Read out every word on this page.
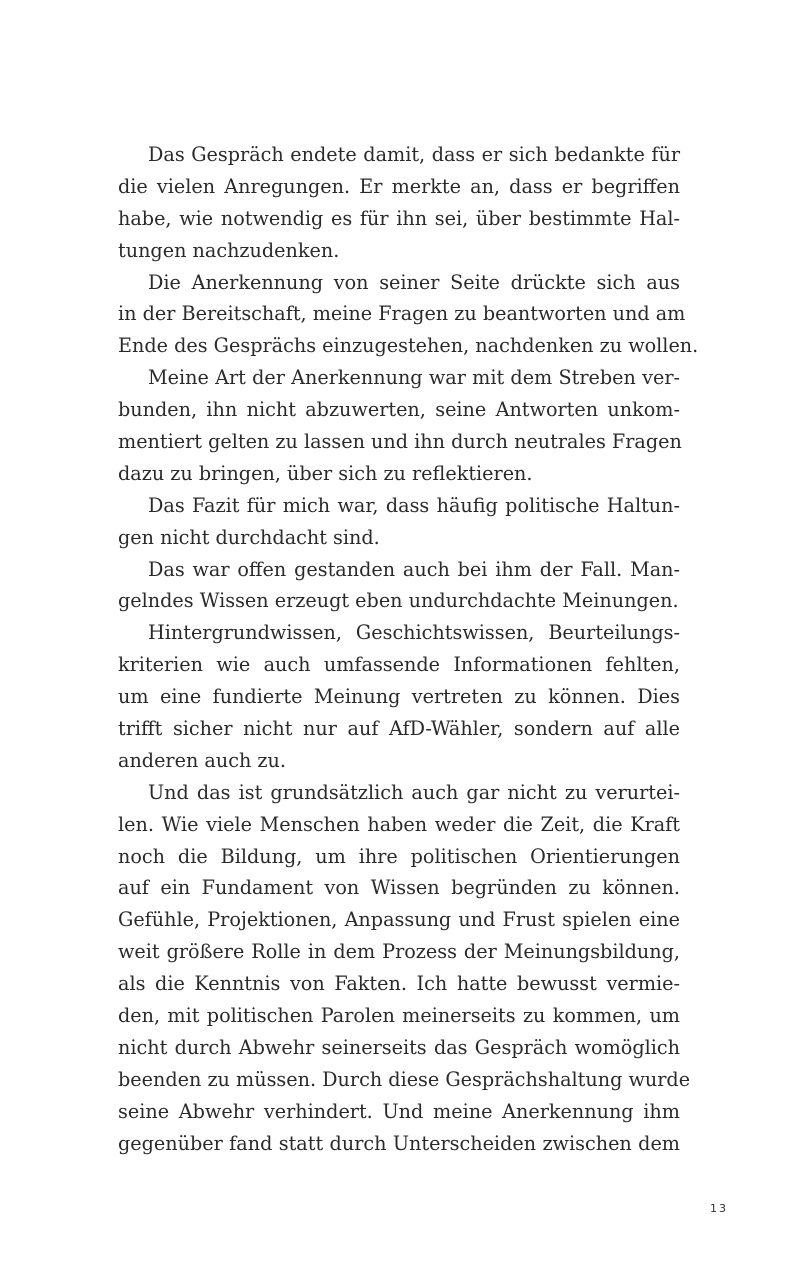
Das Gespräch endete damit, dass er sich bedankte für
die vielen Anregungen. Er merkte an, dass er begriffen
habe, wie notwendig es für ihn sei, über bestimmte Hal-
tungen nachzudenken.
Die Anerkennung von seiner Seite drückte sich aus
in der Bereitschaft, meine Fragen zu beantworten und am
Ende des Gesprächs einzugestehen, nachdenken zu wollen.
Meine Art der Anerkennung war mit dem Streben ver-
bunden, ihn nicht abzuwerten, seine Antworten unkom-
mentiert gelten zu lassen und ihn durch neutrales Fragen
dazu zu bringen, über sich zu reflektieren.
Das Fazit für mich war, dass häufig politische Haltun-
gen nicht durchdacht sind.
Das war offen gestanden auch bei ihm der Fall. Man-
gelndes Wissen erzeugt eben undurchdachte Meinungen.
Hintergrundwissen, Geschichtswissen, Beurteilungs-
kriterien wie auch umfassende Informationen fehlten,
um eine fundierte Meinung vertreten zu können. Dies
trifft sicher nicht nur auf AfD-Wähler, sondern auf alle
anderen auch zu.
Und das ist grundsätzlich auch gar nicht zu verurtei-
len. Wie viele Menschen haben weder die Zeit, die Kraft
noch die Bildung, um ihre politischen Orientierungen
auf ein Fundament von Wissen begründen zu können.
Gefühle, Projektionen, Anpassung und Frust spielen eine
weit größere Rolle in dem Prozess der Meinungsbildung,
als die Kenntnis von Fakten. Ich hatte bewusst vermie-
den, mit politischen Parolen meinerseits zu kommen, um
nicht durch Abwehr seinerseits das Gespräch womöglich
beenden zu müssen. Durch diese Gesprächshaltung wurde
seine Abwehr verhindert. Und meine Anerkennung ihm
gegenüber fand statt durch Unterscheiden zwischen dem
13
